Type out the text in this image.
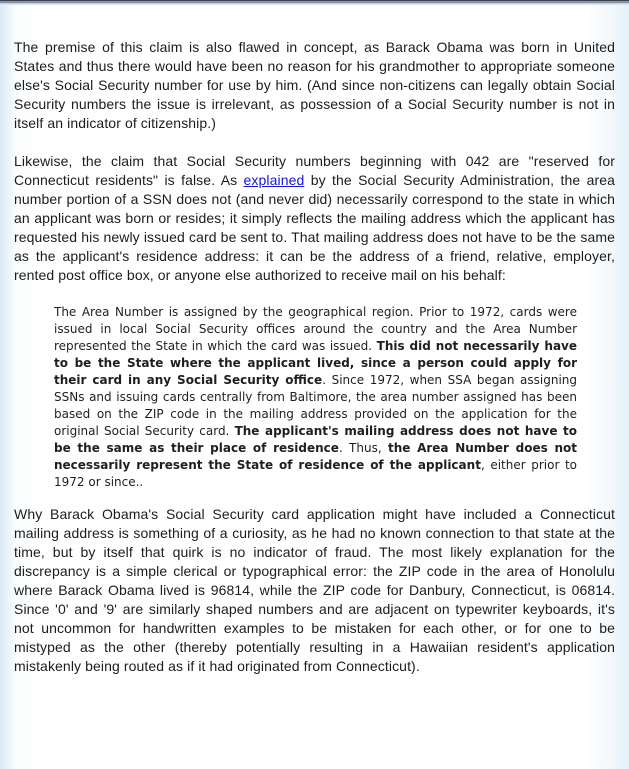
The premise of this claim is also flawed in concept, as Barack Obama was born in United States and thus there would have been no reason for his grandmother to appropriate someone else's Social Security number for use by him. (And since non-citizens can legally obtain Social Security numbers the issue is irrelevant, as possession of a Social Security number is not in itself an indicator of citizenship.)

Likewise, the claim that Social Security numbers beginning with 042 are "reserved for Connecticut residents" is false. As explained by the Social Security Administration, the area number portion of a SSN does not (and never did) necessarily correspond to the state in which an applicant was born or resides; it simply reflects the mailing address which the applicant has requested his newly issued card be sent to. That mailing address does not have to be the same as the applicant's residence address: it can be the address of a friend, relative, employer, rented post office box, or anyone else authorized to receive mail on his behalf:

The Area Number is assigned by the geographical region. Prior to 1972, cards were issued in local Social Security offices around the country and the Area Number represented the State in which the card was issued. This did not necessarily have to be the State where the applicant lived, since a person could apply for their card in any Social Security office. Since 1972, when SSA began assigning SSNs and issuing cards centrally from Baltimore, the area number assigned has been based on the ZIP code in the mailing address provided on the application for the original Social Security card. The applicant's mailing address does not have to be the same as their place of residence. Thus, the Area Number does not necessarily represent the State of residence of the applicant, either prior to 1972 or since..

Why Barack Obama's Social Security card application might have included a Connecticut mailing address is something of a curiosity, as he had no known connection to that state at the time, but by itself that quirk is no indicator of fraud. The most likely explanation for the discrepancy is a simple clerical or typographical error: the ZIP code in the area of Honolulu where Barack Obama lived is 96814, while the ZIP code for Danbury, Connecticut, is 06814. Since '0' and '9' are similarly shaped numbers and are adjacent on typewriter keyboards, it's not uncommon for handwritten examples to be mistaken for each other, or for one to be mistyped as the other (thereby potentially resulting in a Hawaiian resident's application mistakenly being routed as if it had originated from Connecticut).
